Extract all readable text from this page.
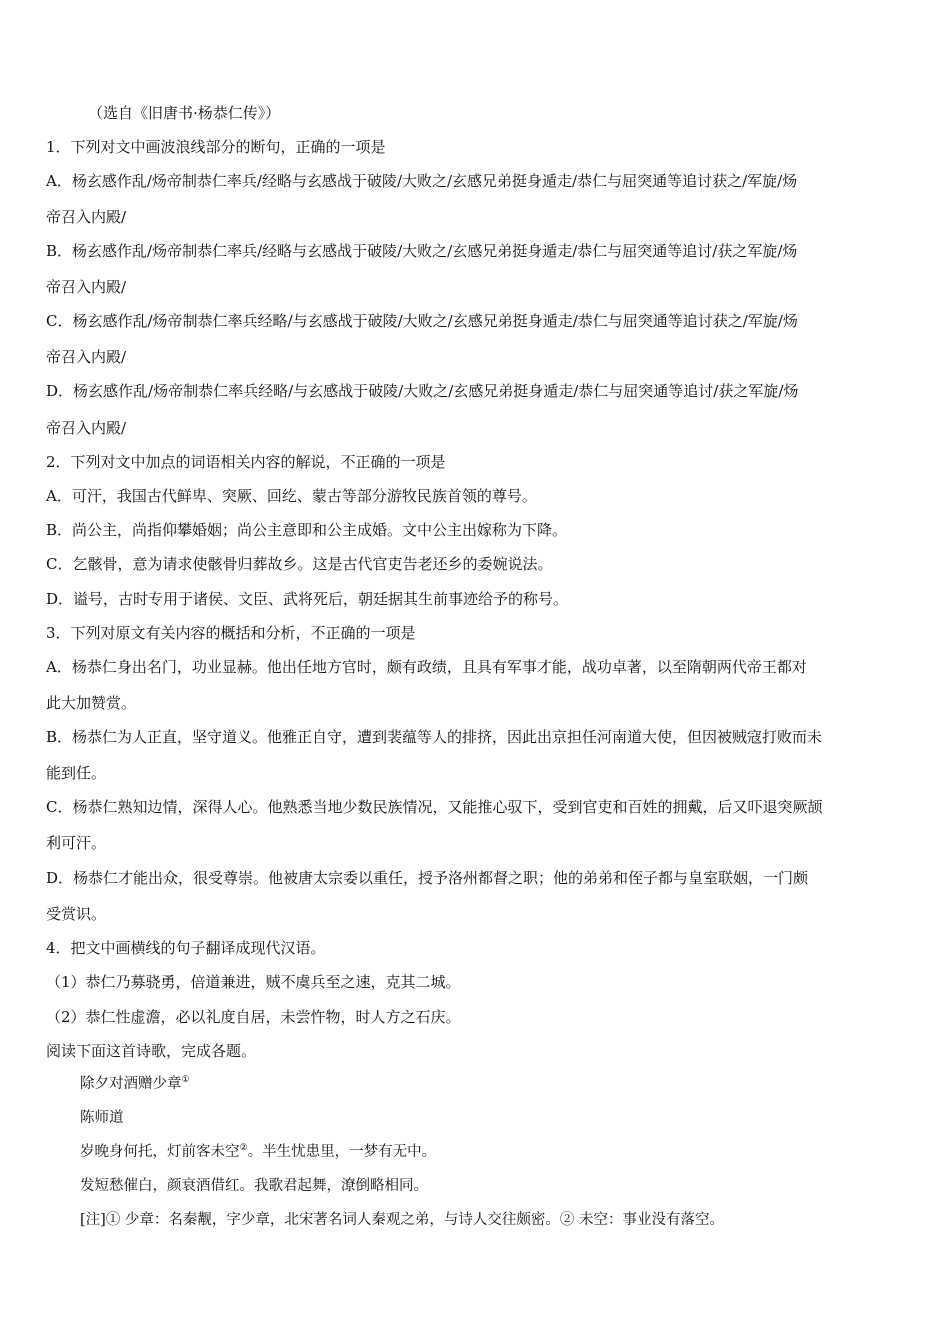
（选自《旧唐书·杨恭仁传》）
1．下列对文中画波浪线部分的断句，正确的一项是
A．杨玄感作乱/炀帝制恭仁率兵/经略与玄感战于破陵/大败之/玄感兄弟挺身遁走/恭仁与屈突通等追讨获之/军旋/炀
帝召入内殿/
B．杨玄感作乱/炀帝制恭仁率兵/经略与玄感战于破陵/大败之/玄感兄弟挺身遁走/恭仁与屈突通等追讨/获之军旋/炀
帝召入内殿/
C．杨玄感作乱/炀帝制恭仁率兵经略/与玄感战于破陵/大败之/玄感兄弟挺身遁走/恭仁与屈突通等追讨获之/军旋/炀
帝召入内殿/
D．杨玄感作乱/炀帝制恭仁率兵经略/与玄感战于破陵/大败之/玄感兄弟挺身遁走/恭仁与屈突通等追讨/获之军旋/炀
帝召入内殿/
2．下列对文中加点的词语相关内容的解说，不正确的一项是
A．可汗，我国古代鲜卑、突厥、回纥、蒙古等部分游牧民族首领的尊号。
B．尚公主，尚指仰攀婚姻；尚公主意即和公主成婚。文中公主出嫁称为下降。
C．乞骸骨，意为请求使骸骨归葬故乡。这是古代官吏告老还乡的委婉说法。
D．谥号，古时专用于诸侯、文臣、武将死后，朝廷据其生前事迹给予的称号。
3．下列对原文有关内容的概括和分析，不正确的一项是
A．杨恭仁身出名门，功业显赫。他出任地方官时，颇有政绩，且具有军事才能，战功卓著，以至隋朝两代帝王都对
此大加赞赏。
B．杨恭仁为人正直，坚守道义。他雅正自守，遭到裴蕴等人的排挤，因此出京担任河南道大使，但因被贼寇打败而未
能到任。
C．杨恭仁熟知边情，深得人心。他熟悉当地少数民族情况，又能推心驭下，受到官吏和百姓的拥戴，后又吓退突厥颉
利可汗。
D．杨恭仁才能出众，很受尊崇。他被唐太宗委以重任，授予洛州都督之职；他的弟弟和侄子都与皇室联姻，一门颇
受赏识。
4．把文中画横线的句子翻译成现代汉语。
（1）恭仁乃募骁勇，倍道兼进，贼不虞兵至之速，克其二城。
（2）恭仁性虚澹，必以礼度自居，未尝忤物，时人方之石庆。
阅读下面这首诗歌，完成各题。
除夕对酒赠少章①
陈师道
岁晚身何托，灯前客未空②。半生忧患里，一梦有无中。
发短愁催白，颜衰酒借红。我歌君起舞，潦倒略相同。
[注]① 少章：名秦觏，字少章，北宋著名词人秦观之弟，与诗人交往颇密。② 未空：事业没有落空。
